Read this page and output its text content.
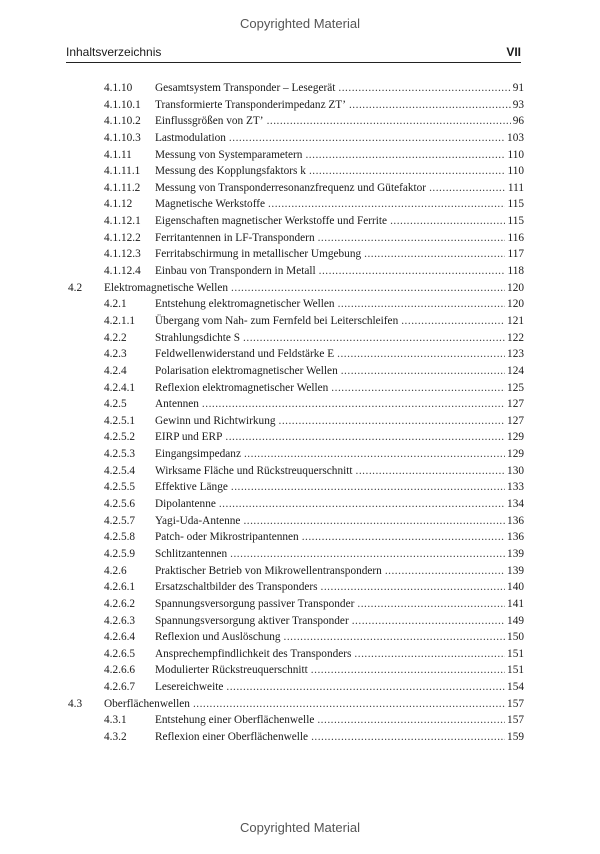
Copyrighted Material
Inhaltsverzeichnis	VII
4.1.10 Gesamtsystem Transponder – Lesegerät .....	91
4.1.10.1 Transformierte Transponderimpedanz ZT’ .....	93
4.1.10.2 Einflussgrößen von ZT’ .....	96
4.1.10.3 Lastmodulation .....	103
4.1.11 Messung von Systemparametern .....	110
4.1.11.1 Messung des Kopplungsfaktors k .....	110
4.1.11.2 Messung von Transponderresonanzfrequenz und Gütefaktor .....	111
4.1.12 Magnetische Werkstoffe .....	115
4.1.12.1 Eigenschaften magnetischer Werkstoffe und Ferrite .....	115
4.1.12.2 Ferritantennen in LF-Transpondern .....	116
4.1.12.3 Ferritabschirmung in metallischer Umgebung .....	117
4.1.12.4 Einbau von Transpondern in Metall .....	118
4.2 Elektromagnetische Wellen .....	120
4.2.1	Entstehung elektromagnetischer Wellen .....	120
4.2.1.1 Übergang vom Nah- zum Fernfeld bei Leiterschleifen .....	121
4.2.2	Strahlungsdichte S .....	122
4.2.3	Feldwellenwiderstand und Feldstärke E .....	123
4.2.4	Polarisation elektromagnetischer Wellen .....	124
4.2.4.1 Reflexion elektromagnetischer Wellen .....	125
4.2.5	Antennen .....	127
4.2.5.1 Gewinn und Richtwirkung .....	127
4.2.5.2 EIRP und ERP .....	129
4.2.5.3 Eingangsimpedanz .....	129
4.2.5.4 Wirksame Fläche und Rückstreuquerschnitt .....	130
4.2.5.5 Effektive Länge .....	133
4.2.5.6 Dipolantenne .....	134
4.2.5.7 Yagi-Uda-Antenne .....	136
4.2.5.8 Patch- oder Mikrostripantennen .....	136
4.2.5.9 Schlitzantennen .....	139
4.2.6	Praktischer Betrieb von Mikrowellentranspondern .....	139
4.2.6.1 Ersatzschaltbilder des Transponders .....	140
4.2.6.2 Spannungsversorgung passiver Transponder .....	141
4.2.6.3 Spannungsversorgung aktiver Transponder .....	149
4.2.6.4 Reflexion und Auslöschung .....	150
4.2.6.5 Ansprechempfindlichkeit des Transponders .....	151
4.2.6.6 Modulierter Rückstreuquerschnitt .....	151
4.2.6.7 Lesereichweite .....	154
4.3 Oberflächenwellen .....	157
4.3.1	Entstehung einer Oberflächenwelle .....	157
4.3.2	Reflexion einer Oberflächenwelle .....	159
Copyrighted Material
